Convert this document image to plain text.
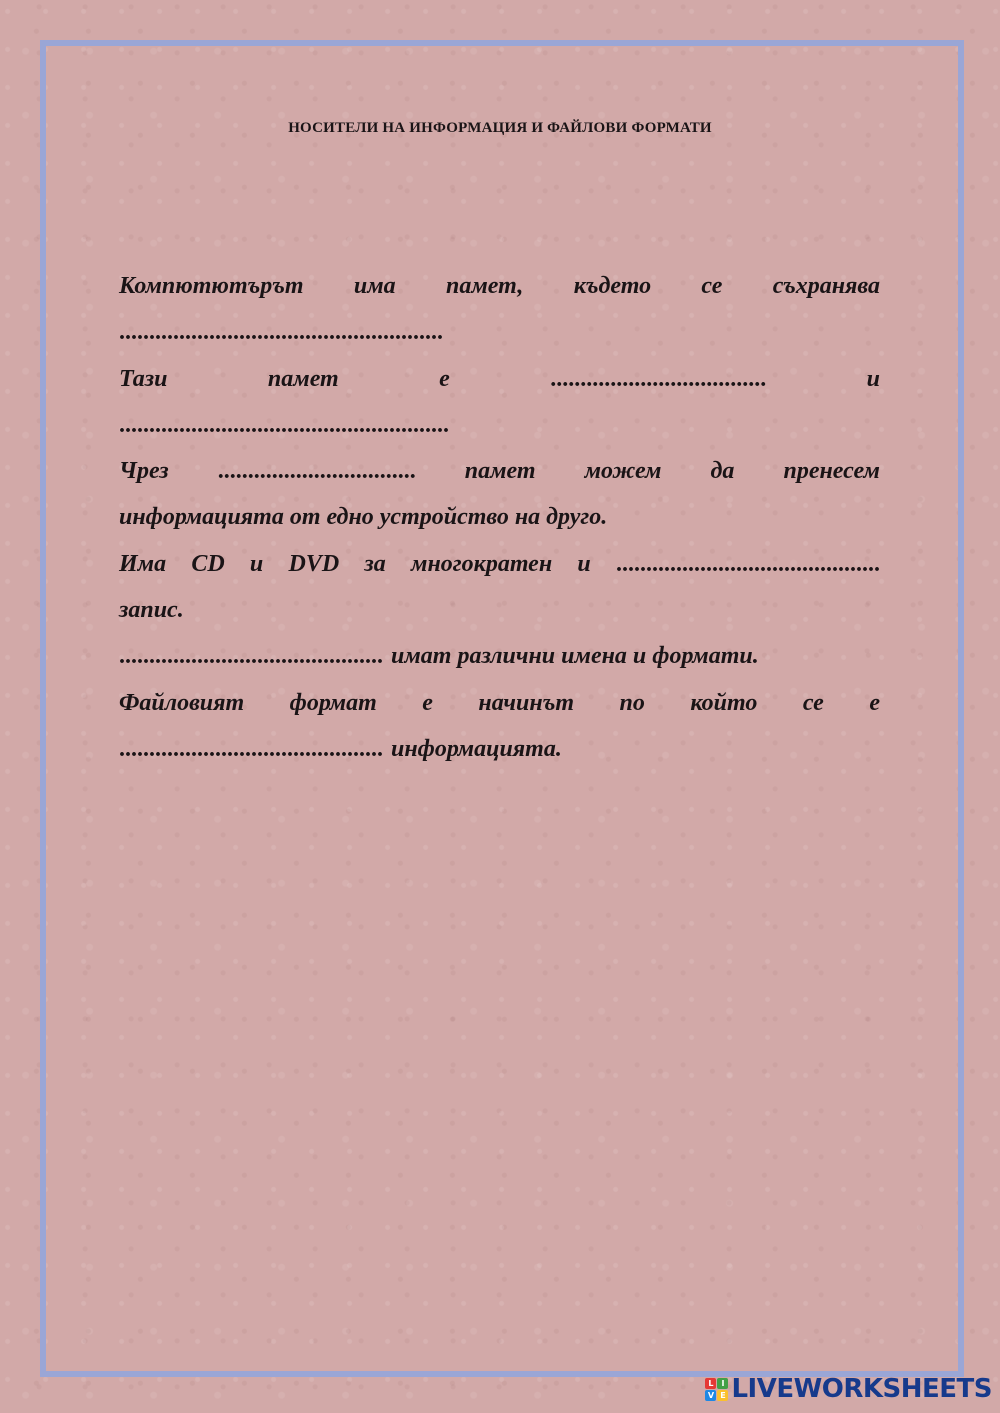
НОСИТЕЛИ НА ИНФОРМАЦИЯ И ФАЙЛОВИ ФОРМАТИ
Компютютърът има памет, където се съхранява
......................................................
Тази	памет	е	....................................	и
.......................................................
Чрез ................................. памет можем да пренесем
информацията от едно устройство на друго.
Има CD и DVD за многократен и ............................................
запис.
............................................ имат различни имена и формати.
Файловият формат е начинът по който се е
............................................ информацията.
L I
V E LIVEWORKSHEETS
